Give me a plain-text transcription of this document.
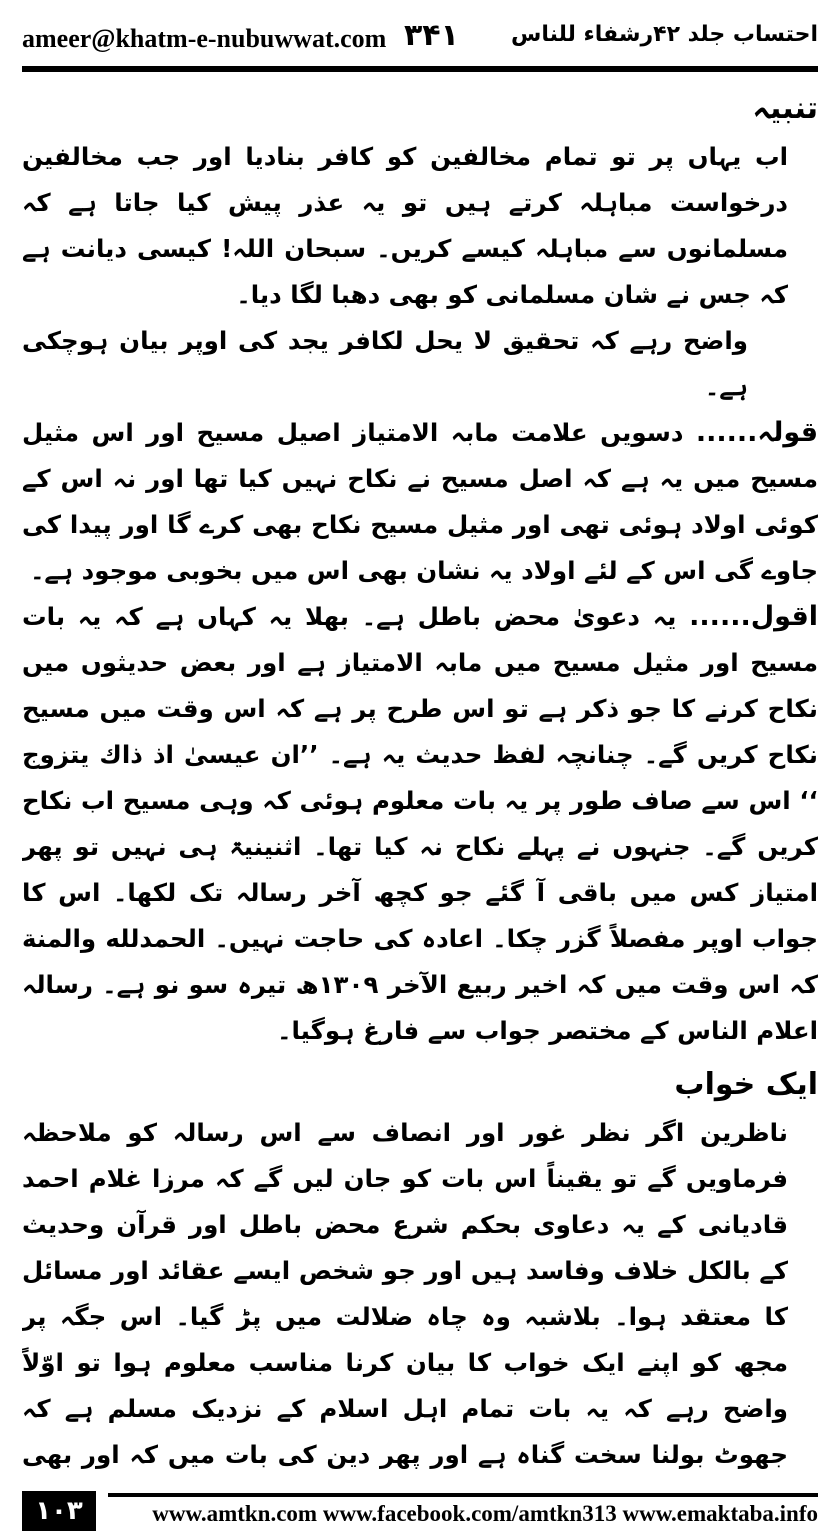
ameer@khatm-e-nubuwwat.com ۳۴۱ احتساب جلد ۴۲رشفاء للناس
تنبیہ

اب یہاں پر تو تمام مخالفین کو کافر بنادیا اور جب مخالفین درخواست مباہلہ کرتے ہیں تو یہ عذر پیش کیا جاتا ہے کہ مسلمانوں سے مباہلہ کیسے کریں۔ سبحان اللہ! کیسی دیانت ہے کہ جس نے شان مسلمانی کو بھی دھبا لگا دیا۔

واضح رہے کہ تحقیق لا یحل لکافر یجد کی اوپر بیان ہوچکی ہے۔

قولہ...... دسویں علامت مابہ الامتیاز اصیل مسیح اور اس مثیل مسیح میں یہ ہے کہ اصل مسیح نے نکاح نہیں کیا تھا اور نہ اس کے کوئی اولاد ہوئی تھی اور مثیل مسیح نکاح بھی کرے گا اور پیدا کی جاوے گی اس کے لئے اولاد یہ نشان بھی اس میں بخوبی موجود ہے۔

اقول...... یہ دعویٰ محض باطل ہے۔ بھلا یہ کہاں ہے کہ یہ بات مسیح اور مثیل مسیح میں مابہ الامتیاز ہے اور بعض حدیثوں میں نکاح کرنے کا جو ذکر ہے تو اس طرح پر ہے کہ اس وقت میں مسیح نکاح کریں گے۔ چنانچہ لفظ حدیث یہ ہے۔ ’’ان عیسیٰ اذ ذاك یتزوج ‘‘ اس سے صاف طور پر یہ بات معلوم ہوئی کہ وہی مسیح اب نکاح کریں گے۔ جنہوں نے پہلے نکاح نہ کیا تھا۔ اثنینیۃ ہی نہیں تو پھر امتیاز کس میں باقی آ گئے جو کچھ آخر رسالہ تک لکھا۔ اس کا جواب اوپر مفصلاً گزر چکا۔ اعادہ کی حاجت نہیں۔ الحمدلله والمنة کہ اس وقت میں کہ اخیر ربیع الآخر ۱۳۰۹ھ تیرہ سو نو ہے۔ رسالہ اعلام الناس کے مختصر جواب سے فارغ ہوگیا۔

ایک خواب

ناظرین اگر نظر غور اور انصاف سے اس رسالہ کو ملاحظہ فرماویں گے تو یقیناً اس بات کو جان لیں گے کہ مرزا غلام احمد قادیانی کے یہ دعاوی بحکم شرع محض باطل اور قرآن وحدیث کے بالکل خلاف وفاسد ہیں اور جو شخص ایسے عقائد اور مسائل کا معتقد ہوا۔ بلاشبہ وہ چاہ ضلالت میں پڑ گیا۔ اس جگہ پر مجھ کو اپنے ایک خواب کا بیان کرنا مناسب معلوم ہوا تو اوّلاً واضح رہے کہ یہ بات تمام اہل اسلام کے نزدیک مسلم ہے کہ جھوٹ بولنا سخت گناہ ہے اور پھر دین کی بات میں کہ اور بھی

۱۰۳	www.amtkn.com www.facebook.com/amtkn313 www.emaktaba.info
